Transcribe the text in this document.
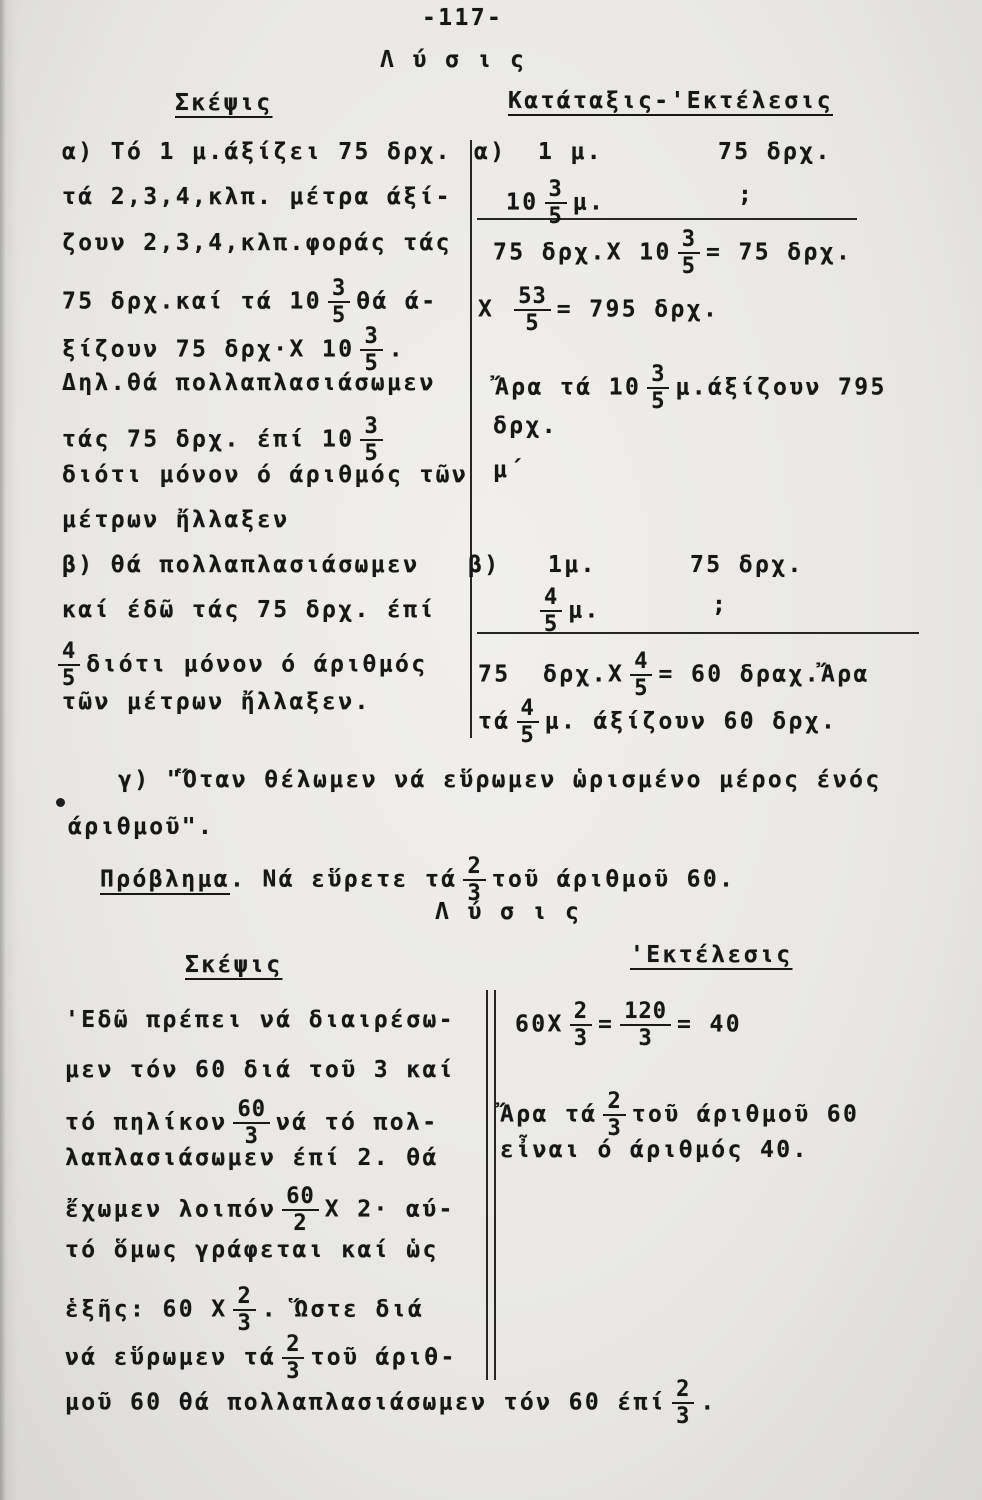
-117-
Λ ύ σ ι ς
Σκέψις	Κατάταξις-'Εκτέλεσις
α) Τό 1 μ.άξίζει 75 δρχ.
τά 2,3,4,κλπ. μέτρα άξί-
ζουν 2,3,4,κλπ.φοράς τάς
75 δρχ.καί τά $10 \frac{3}{5}$ θά ά-
ξίζουν 75 δρχ·Χ $10 \frac{3}{5}$ .
Δηλ.θά πολλαπλασιάσωμεν
τάς 75 δρχ. έπί $10 \frac{3}{5}$
διότι μόνον ό άριθμός τῶν
μέτρων ἤλλαξεν
β) θά πολλαπλασιάσωμεν
καί έδῶ τάς 75 δρχ. έπί
$\frac{4}{5}$ διότι μόνον ό άριθμός
τῶν μέτρων ἤλλαξεν.
α) 1 μ.	75 δρχ.
$10 \frac{3}{5} \mu$.	;
75 δρχ.Χ $10 \frac{3}{5} = 75$ δρχ.
Χ $\frac{53}{5} = 795$ δρχ.
Ἄρα τά $10 \frac{3}{5} \mu.ά\xi ί\zeta o\upsilon\nu$ 795
δρχ.
μ΄
β) 1μ.	75 δρχ.
$\frac{4}{5} \mu$.	;
75  $\delta\rho\chi.X \frac{4}{5} = 60$ δραχ.Ἄρα
τά $\frac{4}{5} \mu$. άξίζουν 60 δρχ.
γ) "Ὅταν θέλωμεν νά εὕρωμεν ὡρισμένο μέρος ένός
άριθμοῦ".
Πρόβλημα. Νά εὕρετε τά $\frac{2}{3}$ τοῦ άριθμοῦ 60.
Λ ύ σ ι ς
Σκέψις	'Εκτέλεσις
'Εδῶ πρέπει νά διαιρέσω-
μεν τόν 60 διά τοῦ 3 καί
τό πηλίκον $\frac{60}{3}$ νά τό πολ-
λαπλασιάσωμεν έπί 2. θά
ἔχωμεν λοιπόν $\frac{60}{2}$ Χ 2· αύ-
τό ὅμως γράφεται καί ὡς
ἑξῆς: 60 Χ $\frac{2}{3}$ . Ὥστε διά
νά εὕρωμεν τά $\frac{2}{3}$ τοῦ άριθ-
μοῦ 60 θά πολλαπλασιάσωμεν τόν 60 έπί $\frac{2}{3}$ .
$60X \frac{2}{3} = \frac{120}{3} = 40$
Ἄρα τά $\frac{2}{3}$ τοῦ άριθμοῦ 60
εἶναι ό άριθμός 40.
